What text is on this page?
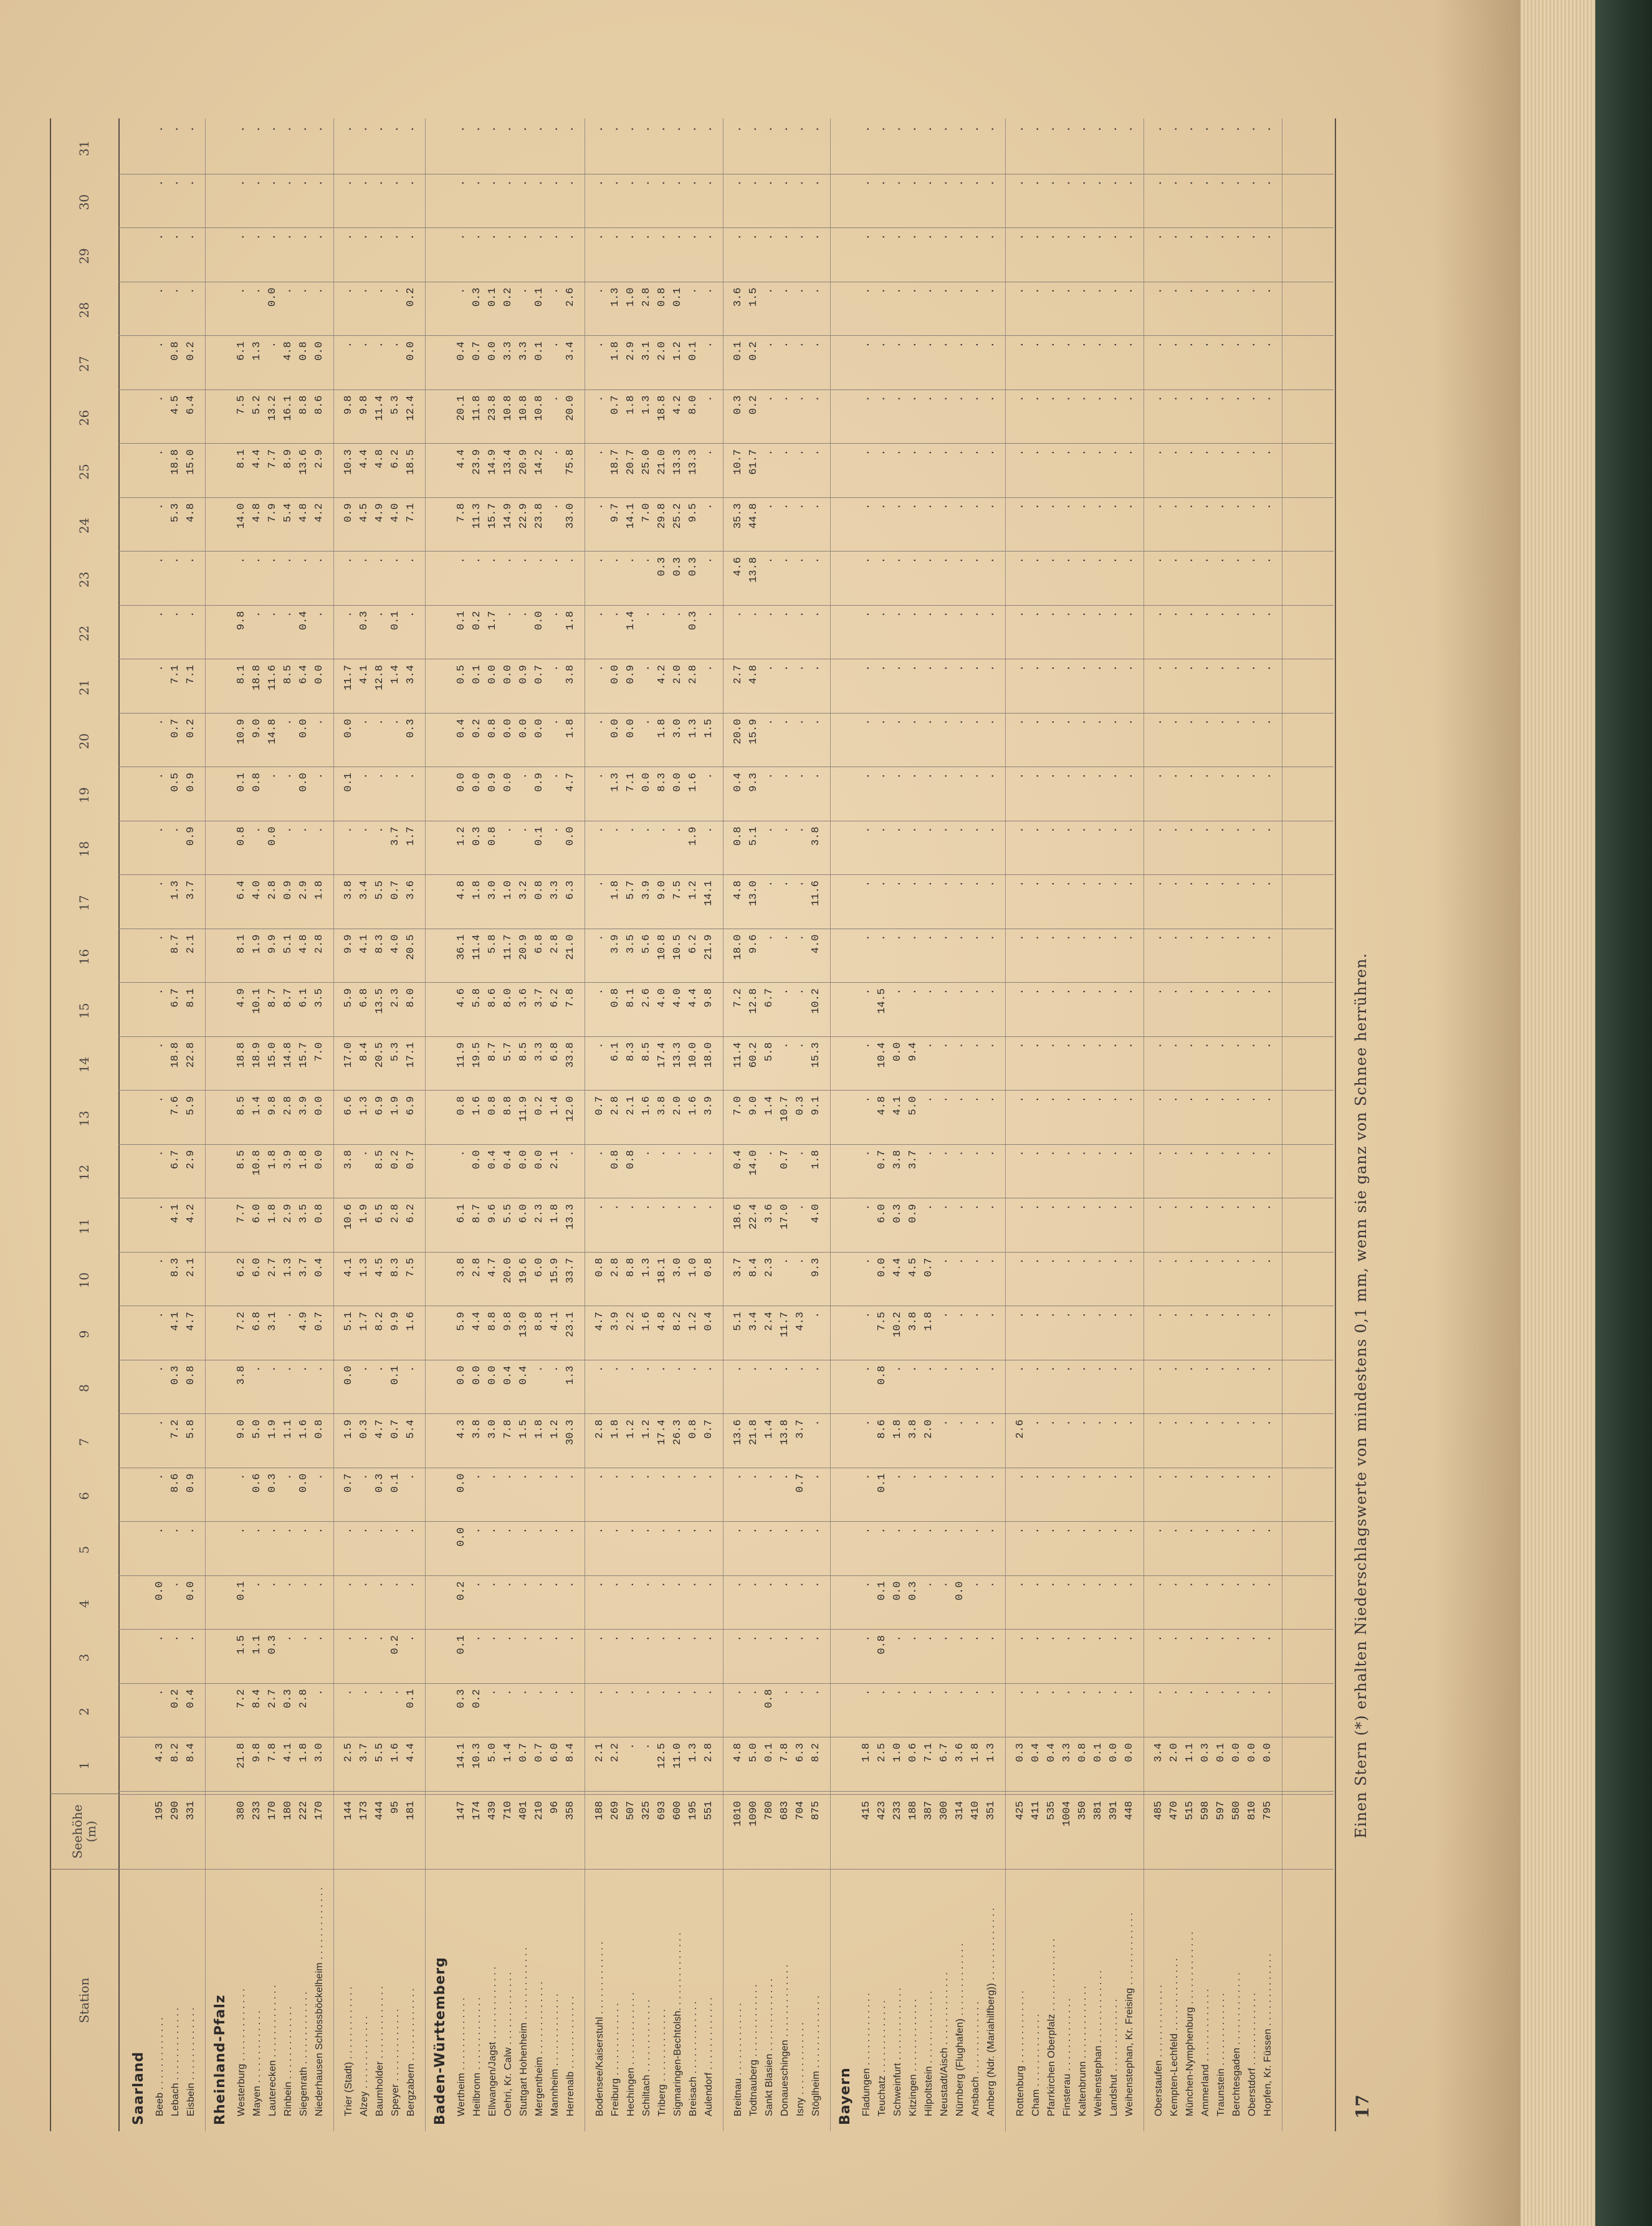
Station
Seehöhe (m)
1
2
3
4
5
6
7
8
9
10
11
12
13
14
15
16
17
18
19
20
21
22
23
24
25
26
27
28
29
30
31
Saarland Beeb . . . . . . . . . . . . .
195
4.3
.
.
0.0
.
.
.
.
.
.
.
.
.
.
.
.
.
.
.
.
.
.
.
.
.
.
.
.
.
.
.
Lebach . . . . . . . . . . . . .
290
8.2
0.2
.
.
.
8.6
7.2
0.3
4.1
8.3
4.1
6.7
7.6
18.8
6.7
8.7
1.3
.
0.5
0.7
7.1
.
.
5.3
18.8
4.5
0.8
.
.
.
.
Eisbein . . . . . . . . . . . . .
331
8.4
0.4
.
0.0
.
0.9
5.8
0.8
4.7
2.1
4.2
2.9
5.9
22.8
8.1
2.1
3.7
0.9
0.9
0.2
7.1
.
.
4.8
15.0
6.4
0.2
.
.
.
.
Rheinland-Pfalz Westerburg . . . . . . . . . . . . .
380
21.8
7.2
1.5
0.1
.
.
9.0
3.8
7.2
6.2
7.7
8.5
8.5
18.8
4.9
8.1
6.4
0.8
0.1
10.9
8.1
9.8
.
14.0
8.1
7.5
6.1
.
.
.
.
Mayen . . . . . . . . . . . . .
233
9.8
8.4
1.1
.
.
0.6
5.0
.
6.8
6.0
6.0
10.8
1.4
18.9
10.1
1.9
4.0
.
0.8
9.0
18.8
.
.
4.8
4.4
5.2
1.3
.
.
.
.
Lauterecken . . . . . . . . . . . . .
170
7.8
2.7
0.3
.
.
0.3
1.9
.
3.1
2.7
1.8
1.8
9.8
15.0
8.7
9.9
2.8
0.0
.
14.8
11.6
.
.
7.9
7.7
13.2
.
0.0
.
.
.
Rinbein . . . . . . . . . . . . .
180
4.1
0.3
.
.
.
.
1.1
.
.
1.3
2.9
3.9
2.8
14.8
8.7
5.1
0.9
.
.
.
8.5
.
.
5.4
8.9
16.1
4.8
.
.
.
.
Siegenrath . . . . . . . . . . . . .
222
1.8
2.8
.
.
.
0.0
1.6
.
4.9
3.7
3.5
1.8
3.9
15.7
6.1
4.8
2.9
.
0.0
0.0
6.4
0.4
.
4.8
13.6
8.8
0.8
.
.
.
.
Niederhausen Schlossböckelheim . . . . . . . . . . . . .
170
3.0
.
.
.
.
.
0.8
.
0.7
0.4
0.8
0.0
0.0
7.0
3.5
2.8
1.8
.
.
.
0.0
.
.
4.2
2.9
8.6
0.0
.
.
.
.
Trier (Stadt) . . . . . . . . . . . . .
144
2.5
.
.
.
.
0.7
1.9
0.0
5.1
4.1
10.6
3.8
6.6
17.0
5.9
9.9
3.8
.
0.1
0.0
11.7
.
.
0.9
10.3
9.8
.
.
.
.
.
Alzey . . . . . . . . . . . . .
173
3.7
.
.
.
.
.
0.3
.
1.7
1.3
1.9
.
1.3
8.4
6.8
4.1
3.4
.
.
.
4.1
0.3
.
4.5
4.4
9.8
.
.
.
.
.
Baumholder . . . . . . . . . . . . .
444
5.5
.
.
.
.
0.3
4.7
.
8.2
4.5
6.5
8.5
6.9
20.5
13.5
8.3
5.5
.
.
.
12.8
.
.
4.9
4.8
11.4
.
.
.
.
.
Speyer . . . . . . . . . . . . .
95
1.6
.
0.2
.
.
0.1
0.7
0.1
9.9
8.3
2.8
0.2
1.9
5.3
2.3
4.0
0.7
3.7
.
.
1.4
0.1
.
4.0
6.2
5.3
.
.
.
.
.
Bergzabern . . . . . . . . . . . . .
181
4.4
0.1
.
.
.
.
5.4
.
1.6
7.5
6.2
0.7
6.9
17.1
8.0
20.5
3.6
1.7
.
0.3
3.4
.
.
7.1
18.5
12.4
0.0
0.2
.
.
.
Baden-Württemberg Wertheim . . . . . . . . . . . . .
147
14.1
0.3
0.1
0.2
0.0
0.0
4.3
0.0
5.9
3.8
6.1
.
0.8
11.9
4.6
36.1
4.8
1.2
0.0
0.4
0.5
0.1
.
7.8
4.4
20.1
0.4
.
.
.
.
Heilbronn . . . . . . . . . . . . .
174
10.3
0.2
.
.
.
.
3.8
0.0
4.4
2.8
8.7
0.0
1.6
19.5
5.8
11.4
1.8
0.3
0.0
0.2
0.1
0.2
.
11.3
23.9
11.8
0.7
0.3
.
.
.
Ellwangen/Jagst . . . . . . . . . . . . .
439
5.0
.
.
.
.
.
3.0
0.0
8.8
4.7
9.6
0.4
0.8
8.7
8.6
5.8
3.0
0.8
0.9
0.8
0.0
1.7
.
15.7
14.9
23.8
0.0
0.1
.
.
.
Oehri, Kr. Calw . . . . . . . . . . . . .
710
1.4
.
.
.
.
.
7.8
0.4
9.8
20.0
5.5
0.4
8.8
5.7
8.0
11.7
1.0
.
0.0
0.0
0.0
.
.
14.9
13.4
10.8
3.3
0.2
.
.
.
Stuttgart Hohenheim . . . . . . . . . . . . .
401
0.7
.
.
.
.
.
1.5
0.4
13.0
19.6
6.0
0.0
11.9
8.5
3.6
20.9
3.2
.
.
0.0
0.9
.
.
22.9
20.9
10.8
3.3
.
.
.
.
Mergentheim . . . . . . . . . . . . .
210
0.7
.
.
.
.
.
1.8
.
8.8
6.0
2.3
0.0
0.2
3.3
3.7
6.8
0.8
0.1
0.9
0.0
0.7
0.0
.
23.8
14.2
10.8
0.1
0.1
.
.
.
Mannheim . . . . . . . . . . . . .
96
6.0
.
.
.
.
.
1.2
.
4.1
15.9
1.8
2.1
1.4
6.8
6.2
2.8
3.3
.
.
.
.
.
.
.
.
.
.
.
.
.
.
Herrenalb . . . . . . . . . . . . .
358
8.4
.
.
.
.
.
30.3
1.3
23.1
33.7
13.3
.
12.0
33.8
7.8
21.0
6.3
0.0
4.7
1.8
3.8
1.8
.
33.0
75.8
20.0
3.4
2.6
.
.
.
Bodensee/Kaiserstuhl . . . . . . . . . . . . .
188
2.1
.
.
.
.
.
2.8
.
4.7
0.8
.
.
0.7
.
.
.
.
.
.
.
.
.
.
.
.
.
.
.
.
.
.
Freiburg . . . . . . . . . . . . .
269
2.2
.
.
.
.
.
1.8
.
3.9
2.8
.
0.8
2.8
6.1
0.8
3.9
1.8
.
1.3
0.0
0.0
.
.
9.7
18.7
0.7
1.8
1.3
.
.
.
Hechingen . . . . . . . . . . . . .
507
.
.
.
.
.
.
1.2
.
2.2
8.8
.
0.8
2.1
8.3
8.1
3.5
5.7
.
7.1
0.0
0.9
1.4
.
14.1
20.7
1.8
2.9
1.0
.
.
.
Schiltach . . . . . . . . . . . . .
325
.
.
.
.
.
.
1.2
.
1.6
1.3
.
.
1.6
8.5
2.6
5.6
3.9
.
0.0
.
.
.
.
7.0
25.0
1.3
3.1
2.8
.
.
.
Triberg . . . . . . . . . . . . .
693
12.5
.
.
.
.
.
17.4
.
4.8
18.1
.
.
3.8
17.4
4.0
10.8
9.0
.
8.3
1.8
4.2
.
0.3
29.8
21.0
18.8
2.0
0.8
.
.
.
Sigmaringen-Bechtolsh. . . . . . . . . . . . . .
600
11.0
.
.
.
.
.
26.3
.
8.2
3.0
.
.
2.0
13.3
4.0
10.5
7.5
.
0.0
3.0
2.0
.
0.3
25.2
13.3
4.2
1.2
0.1
.
.
.
Breisach . . . . . . . . . . . . .
195
1.3
.
.
.
.
.
0.8
.
1.2
1.0
.
.
1.6
10.0
4.4
6.2
1.2
1.9
1.6
1.3
2.8
0.3
0.3
9.5
13.3
8.0
0.1
.
.
.
.
Aulendorf . . . . . . . . . . . . .
551
2.8
.
.
.
.
.
0.7
.
0.4
0.8
.
.
3.9
18.0
9.8
21.9
14.1
.
.
1.5
.
.
.
.
.
.
.
.
.
.
.
Breitnau . . . . . . . . . . . . .
1010
4.8
.
.
.
.
.
13.6
.
5.1
3.7
18.6
0.4
7.0
11.4
7.2
18.0
4.8
0.8
0.4
20.0
2.7
.
4.6
35.3
10.7
0.3
0.1
3.6
.
.
.
Todtnauberg . . . . . . . . . . . . .
1090
5.0
.
.
.
.
.
21.8
.
3.4
8.4
22.4
14.0
9.0
60.2
12.8
9.6
13.0
5.1
9.3
15.9
4.8
.
13.8
44.8
61.7
0.2
0.2
1.5
.
.
.
Sankt Blasien . . . . . . . . . . . . .
780
0.1
0.8
.
.
.
.
1.4
.
2.4
2.3
3.6
.
1.4
5.8
6.7
.
.
.
.
.
.
.
.
.
.
.
.
.
.
.
.
Donaueschingen . . . . . . . . . . . . .
683
7.8
.
.
.
.
.
13.8
.
11.7
.
17.0
0.7
10.7
.
.
.
.
.
.
.
.
.
.
.
.
.
.
.
.
.
.
Isny . . . . . . . . . . . . .
704
6.3
.
.
.
.
0.7
3.7
.
4.3
.
.
.
0.3
.
.
.
.
.
.
.
.
.
.
.
.
.
.
.
.
.
.
Stöglheim . . . . . . . . . . . . .
875
8.2
.
.
.
.
.
.
.
.
9.3
4.0
1.8
9.1
15.3
10.2
4.0
11.6
3.8
.
.
.
.
.
.
.
.
.
.
.
.
.
Bayern Fladungen . . . . . . . . . . . . .
415
1.8
.
.
.
.
.
.
.
.
.
.
.
.
.
.
.
.
.
.
.
.
.
.
.
.
.
.
.
.
.
.
Teuchatz . . . . . . . . . . . . .
423
2.5
.
0.8
0.1
.
0.1
8.6
0.8
7.5
0.0
6.0
0.7
4.8
10.4
14.5
.
.
.
.
.
.
.
.
.
.
.
.
.
.
.
.
Schweinfurt . . . . . . . . . . . . .
233
1.0
.
.
0.0
.
.
1.8
.
10.2
4.4
0.3
3.8
4.1
0.0
.
.
.
.
.
.
.
.
.
.
.
.
.
.
.
.
.
Kitzingen . . . . . . . . . . . . .
188
0.6
.
.
0.3
.
.
3.8
.
3.8
4.5
0.9
3.7
5.0
9.4
.
.
.
.
.
.
.
.
.
.
.
.
.
.
.
.
.
Hilpoltstein . . . . . . . . . . . . .
387
7.1
.
.
.
.
.
2.0
.
1.8
0.7
.
.
.
.
.
.
.
.
.
.
.
.
.
.
.
.
.
.
.
.
.
Neustadt/Aisch . . . . . . . . . . . . .
300
6.7
.
.
.
.
.
.
.
.
.
.
.
.
.
.
.
.
.
.
.
.
.
.
.
.
.
.
.
.
.
.
Nürnberg (Flughafen) . . . . . . . . . . . . .
314
3.6
.
.
0.0
.
.
.
.
.
.
.
.
.
.
.
.
.
.
.
.
.
.
.
.
.
.
.
.
.
.
.
Ansbach . . . . . . . . . . . . .
410
1.8
.
.
.
.
.
.
.
.
.
.
.
.
.
.
.
.
.
.
.
.
.
.
.
.
.
.
.
.
.
.
Amberg (Ndr. (Mariahilfberg)) . . . . . . . . . . . . .
351
1.3
.
.
.
.
.
.
.
.
.
.
.
.
.
.
.
.
.
.
.
.
.
.
.
.
.
.
.
.
.
.
Rottenburg . . . . . . . . . . . . .
425
0.3
.
.
.
.
.
2.6
.
.
.
.
.
.
.
.
.
.
.
.
.
.
.
.
.
.
.
.
.
.
.
.
Cham . . . . . . . . . . . . .
411
0.4
.
.
.
.
.
.
.
.
.
.
.
.
.
.
.
.
.
.
.
.
.
.
.
.
.
.
.
.
.
.
Pfarrkirchen Oberpfalz . . . . . . . . . . . . .
535
0.4
.
.
.
.
.
.
.
.
.
.
.
.
.
.
.
.
.
.
.
.
.
.
.
.
.
.
.
.
.
.
Finsterau . . . . . . . . . . . . .
1004
3.3
.
.
.
.
.
.
.
.
.
.
.
.
.
.
.
.
.
.
.
.
.
.
.
.
.
.
.
.
.
.
Kaltenbrunn . . . . . . . . . . . . .
350
0.8
.
.
.
.
.
.
.
.
.
.
.
.
.
.
.
.
.
.
.
.
.
.
.
.
.
.
.
.
.
.
Weihenstephan . . . . . . . . . . . . .
381
0.1
.
.
.
.
.
.
.
.
.
.
.
.
.
.
.
.
.
.
.
.
.
.
.
.
.
.
.
.
.
.
Landshut . . . . . . . . . . . . .
391
0.0
.
.
.
.
.
.
.
.
.
.
.
.
.
.
.
.
.
.
.
.
.
.
.
.
.
.
.
.
.
.
Weihenstephan, Kr. Freising . . . . . . . . . . . . .
448
0.0
.
.
.
.
.
.
.
.
.
.
.
.
.
.
.
.
.
.
.
.
.
.
.
.
.
.
.
.
.
.
Oberstaufen . . . . . . . . . . . . .
485
3.4
.
.
.
.
.
.
.
.
.
.
.
.
.
.
.
.
.
.
.
.
.
.
.
.
.
.
.
.
.
.
Kempten-Lechfeld . . . . . . . . . . . . .
470
2.0
.
.
.
.
.
.
.
.
.
.
.
.
.
.
.
.
.
.
.
.
.
.
.
.
.
.
.
.
.
.
München-Nymphenburg . . . . . . . . . . . . .
515
1.1
.
.
.
.
.
.
.
.
.
.
.
.
.
.
.
.
.
.
.
.
.
.
.
.
.
.
.
.
.
.
Ammerland . . . . . . . . . . . . .
598
0.3
.
.
.
.
.
.
.
.
.
.
.
.
.
.
.
.
.
.
.
.
.
.
.
.
.
.
.
.
.
.
Traunstein . . . . . . . . . . . . .
597
0.1
.
.
.
.
.
.
.
.
.
.
.
.
.
.
.
.
.
.
.
.
.
.
.
.
.
.
.
.
.
.
Berchtesgaden . . . . . . . . . . . . .
580
0.0
.
.
.
.
.
.
.
.
.
.
.
.
.
.
.
.
.
.
.
.
.
.
.
.
.
.
.
.
.
.
Oberstdorf . . . . . . . . . . . . .
810
0.0
.
.
.
.
.
.
.
.
.
.
.
.
.
.
.
.
.
.
.
.
.
.
.
.
.
.
.
.
.
.
Hopfen, Kr. Füssen . . . . . . . . . . . . .
795
0.0
.
.
.
.
.
.
.
.
.
.
.
.
.
.
.
.
.
.
.
.
.
.
.
.
.
.
.
.
.
.
17
Einen Stern (*) erhalten Niederschlagswerte von mindestens 0,1 mm, wenn sie ganz von Schnee herrühren.
